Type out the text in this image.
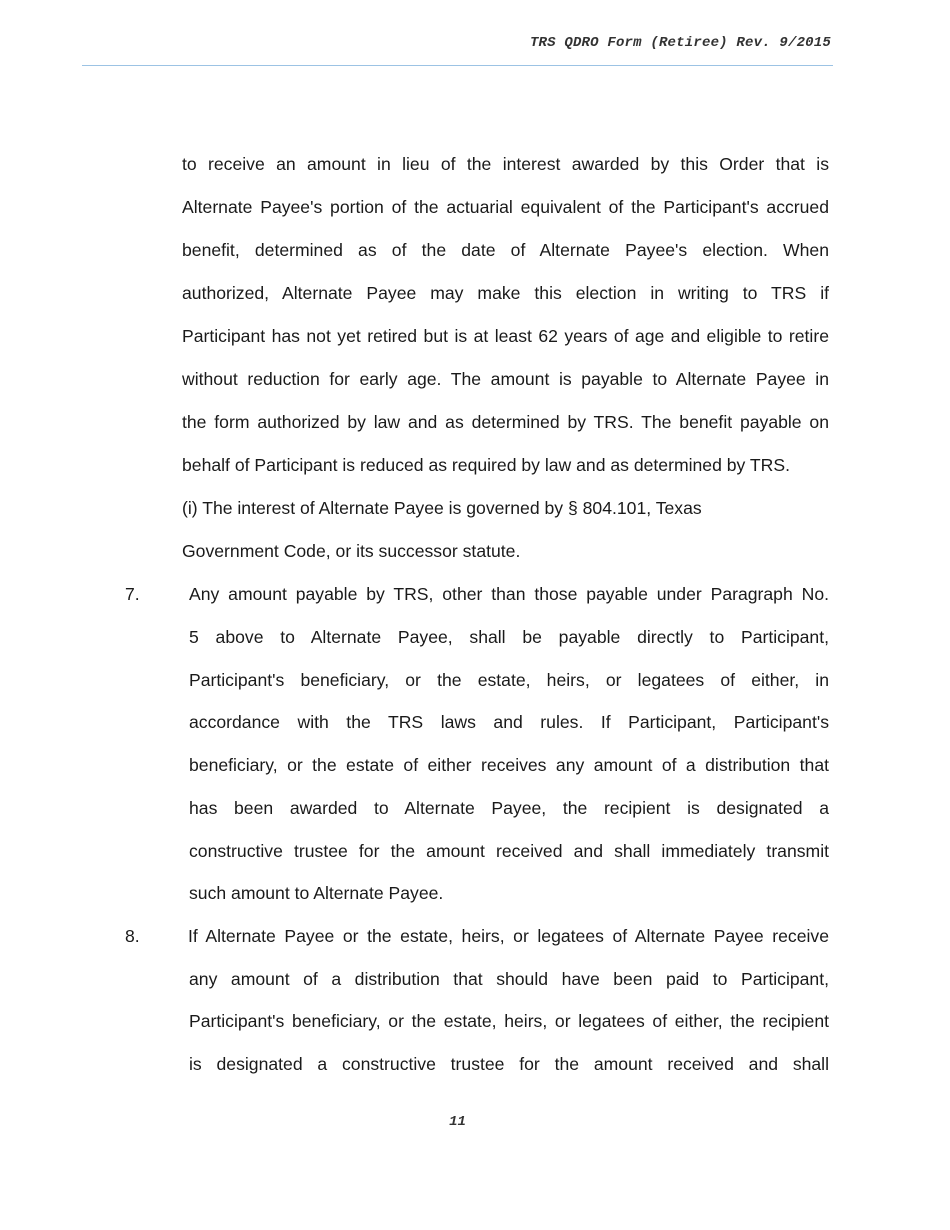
TRS QDRO Form (Retiree) Rev. 9/2015
to receive an amount in lieu of the interest awarded by this Order that is
Alternate Payee's portion of the actuarial equivalent of the Participant's accrued
benefit, determined as of the date of Alternate Payee's election. When
authorized, Alternate Payee may make this election in writing to TRS if
Participant has not yet retired but is at least 62 years of age and eligible to retire
without reduction for early age. The amount is payable to Alternate Payee in
the form authorized by law and as determined by TRS. The benefit payable on
behalf of Participant is reduced as required by law and as determined by TRS.
(i) The interest of Alternate Payee is governed by § 804.101, Texas
Government Code, or its successor statute.
7.	Any amount payable by TRS, other than those payable under Paragraph No.
5 above to Alternate Payee, shall be payable directly to Participant,
Participant's beneficiary, or the estate, heirs, or legatees of either, in
accordance with the TRS laws and rules. If Participant, Participant's
beneficiary, or the estate of either receives any amount of a distribution that
has been awarded to Alternate Payee, the recipient is designated a
constructive trustee for the amount received and shall immediately transmit
such amount to Alternate Payee.
8.	If Alternate Payee or the estate, heirs, or legatees of Alternate Payee receive
any amount of a distribution that should have been paid to Participant,
Participant's beneficiary, or the estate, heirs, or legatees of either, the recipient
is designated a constructive trustee for the amount received and shall
11
